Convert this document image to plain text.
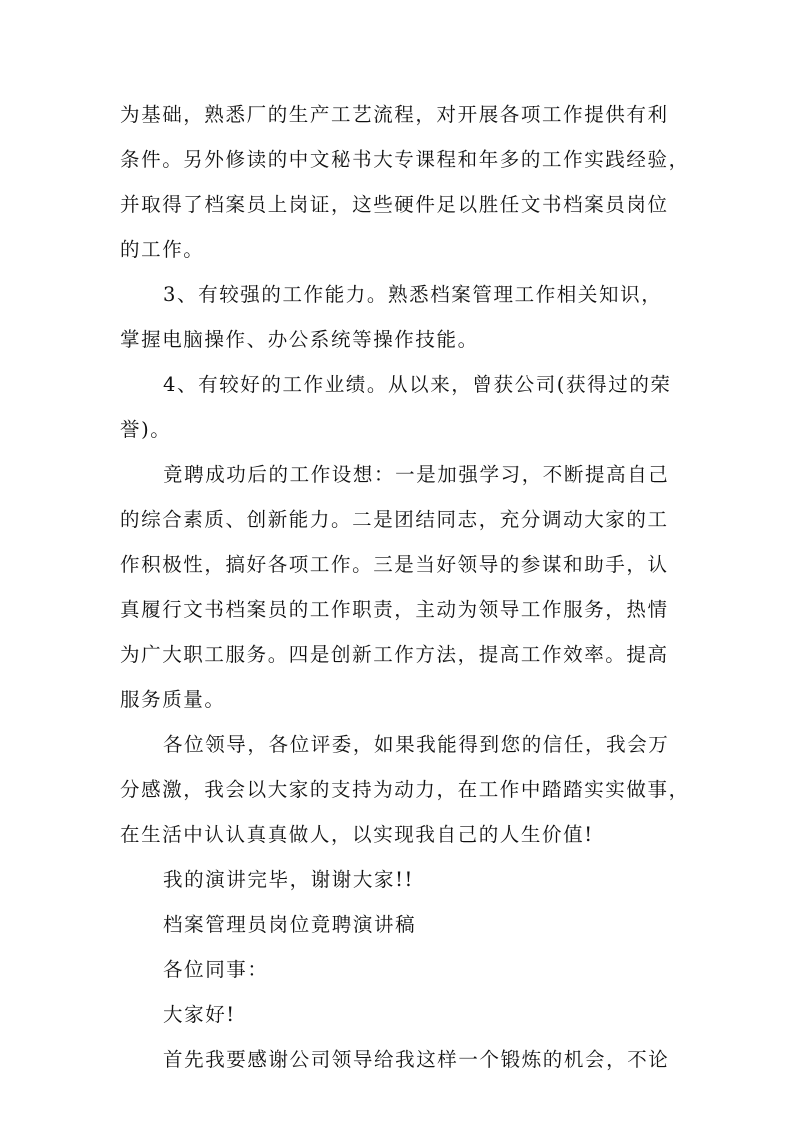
为基础，熟悉厂的生产工艺流程，对开展各项工作提供有利
条件。另外修读的中文秘书大专课程和年多的工作实践经验，
并取得了档案员上岗证，这些硬件足以胜任文书档案员岗位
的工作。
3、有较强的工作能力。熟悉档案管理工作相关知识，
掌握电脑操作、办公系统等操作技能。
4、有较好的工作业绩。从以来，曾获公司(获得过的荣
誉)。
竟聘成功后的工作设想：一是加强学习，不断提高自己
的综合素质、创新能力。二是团结同志，充分调动大家的工
作积极性，搞好各项工作。三是当好领导的参谋和助手，认
真履行文书档案员的工作职责，主动为领导工作服务，热情
为广大职工服务。四是创新工作方法，提高工作效率。提高
服务质量。
各位领导，各位评委，如果我能得到您的信任，我会万
分感激，我会以大家的支持为动力，在工作中踏踏实实做事，
在生活中认认真真做人，以实现我自己的人生价值!
我的演讲完毕，谢谢大家!!
档案管理员岗位竟聘演讲稿
各位同事：
大家好!
首先我要感谢公司领导给我这样一个锻炼的机会，不论
